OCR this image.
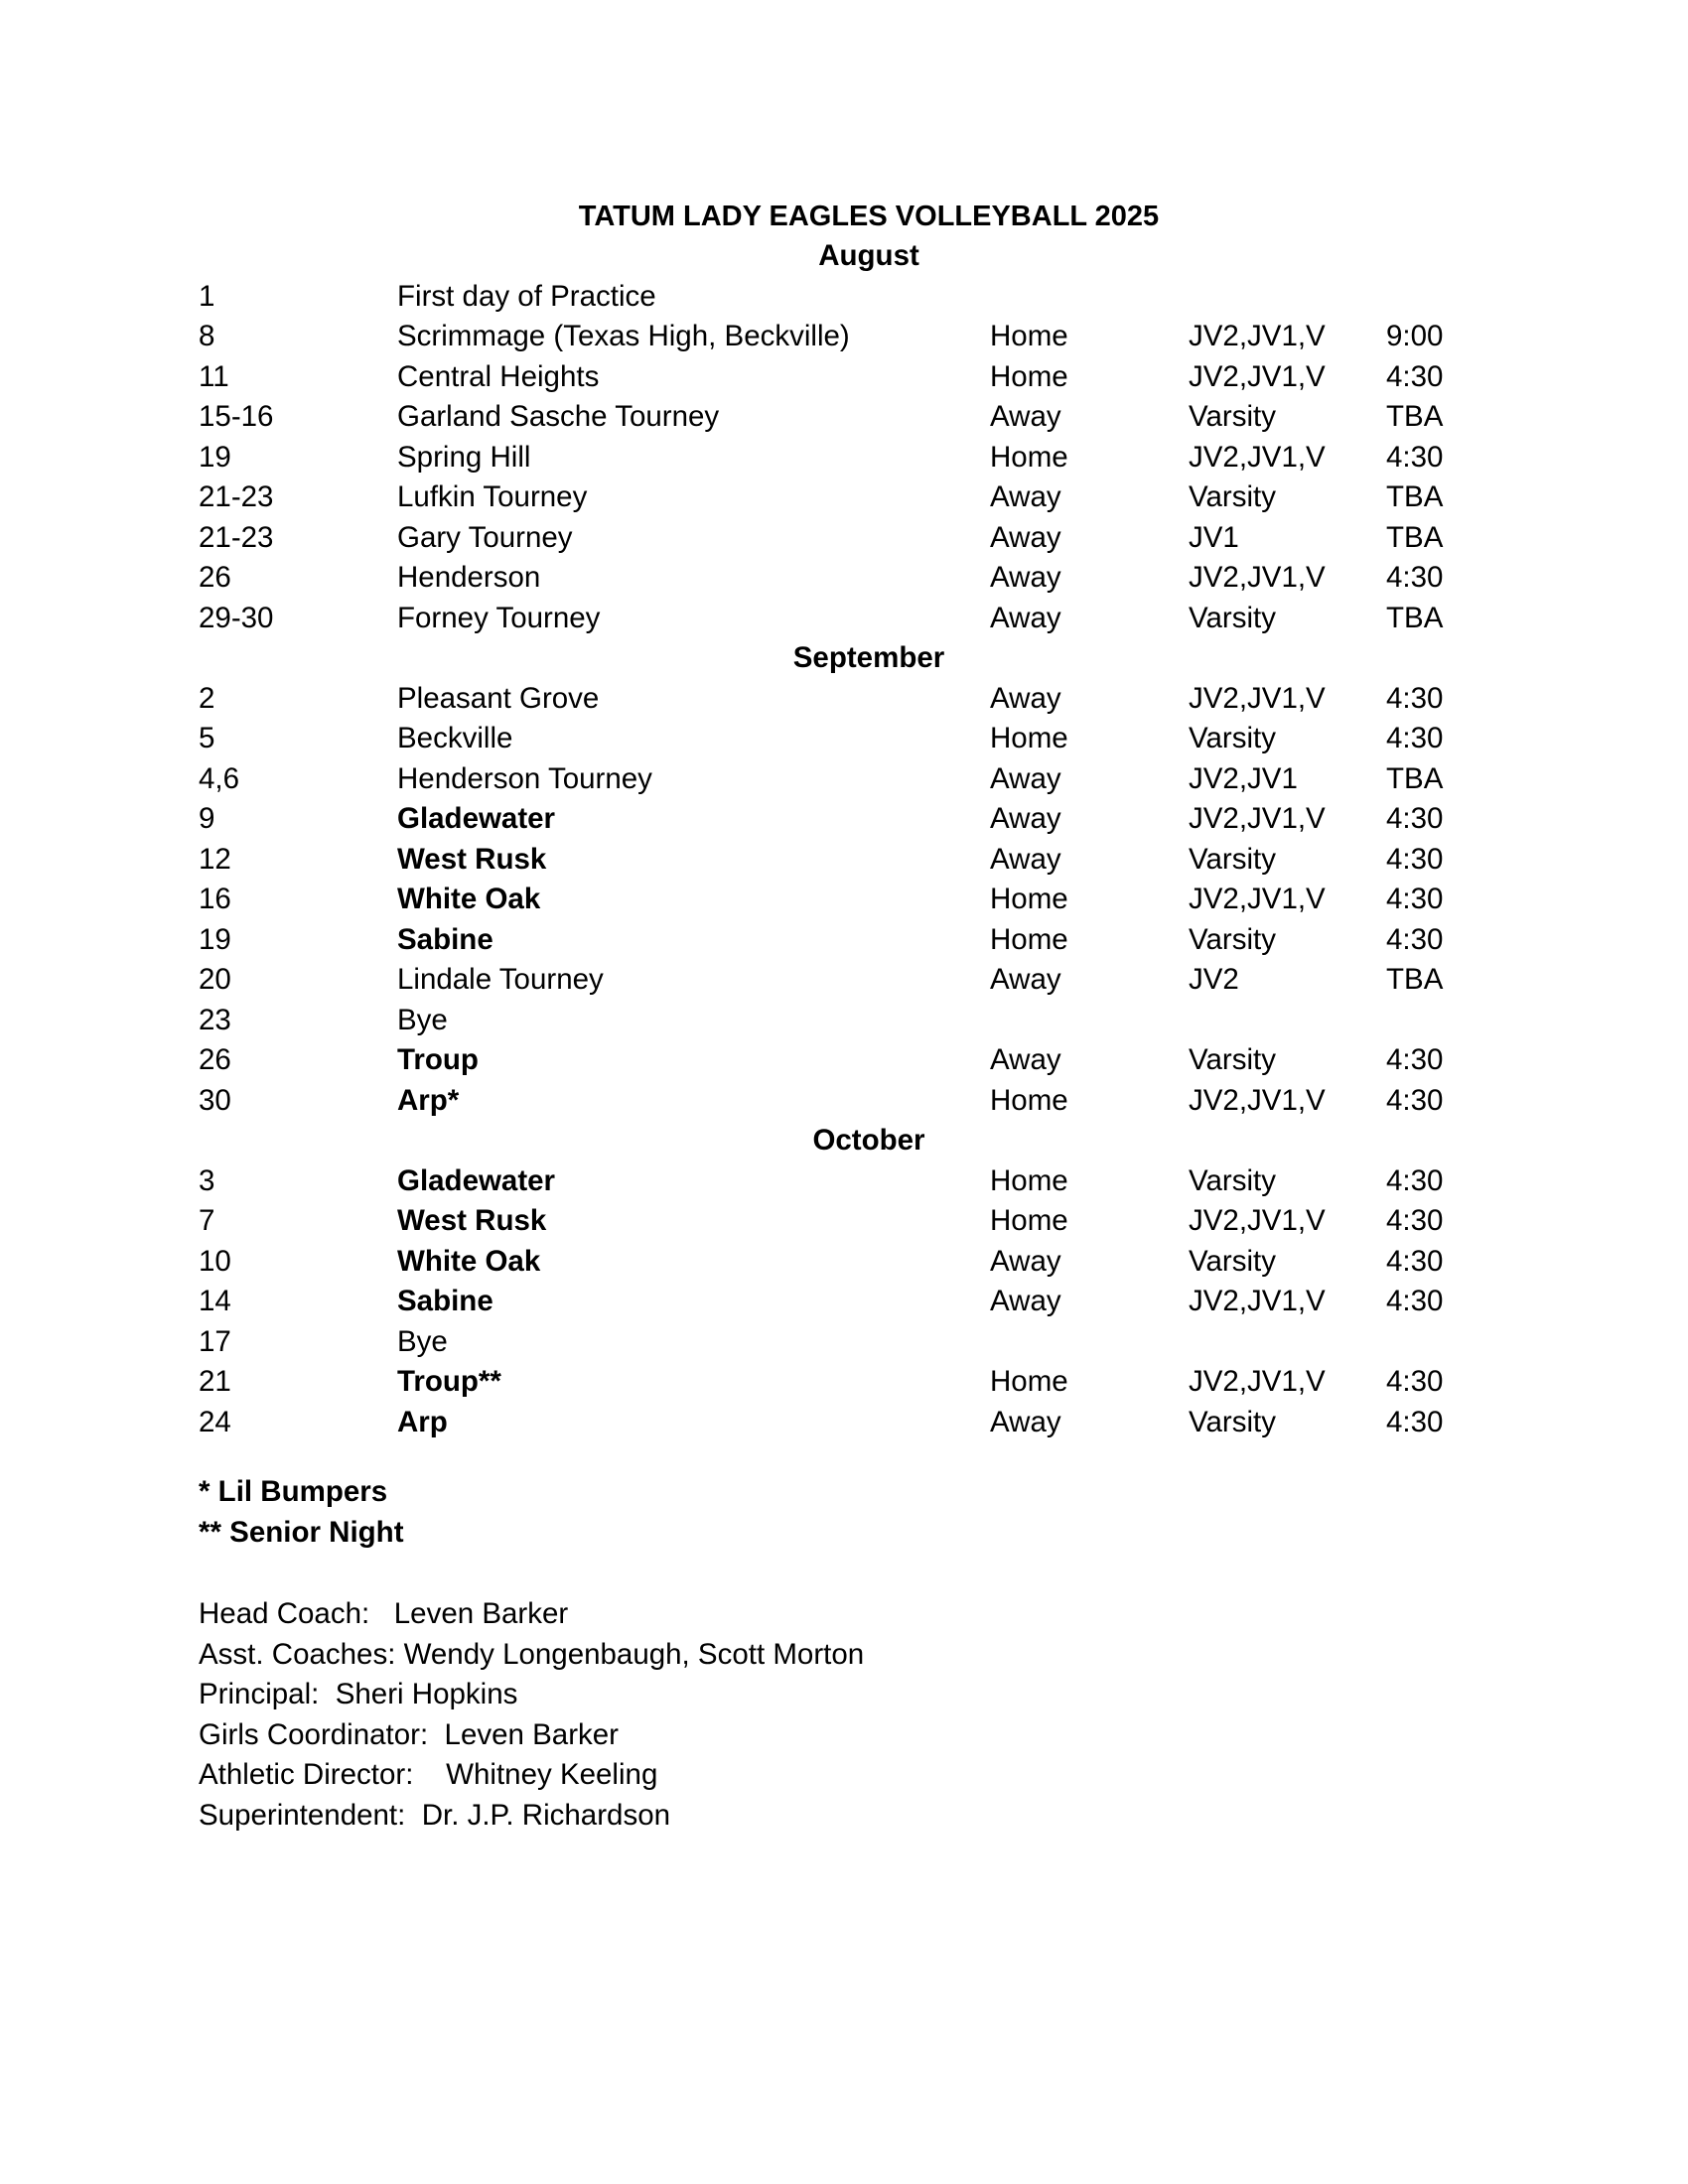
TATUM LADY EAGLES VOLLEYBALL 2025
August
1	First day of Practice
8	Scrimmage (Texas High, Beckville)	Home	JV2,JV1,V 9:00
11	Central Heights	Home	JV2,JV1,V 4:30
15-16	Garland Sasche Tourney	Away	Varsity	TBA
19	Spring Hill	Home	JV2,JV1,V 4:30
21-23	Lufkin Tourney	Away	Varsity	TBA
21-23	Gary Tourney	Away	JV1	TBA
26	Henderson	Away	JV2,JV1,V 4:30
29-30	Forney Tourney	Away	Varsity	TBA
September
2	Pleasant Grove	Away	JV2,JV1,V 4:30
5	Beckville	Home	Varsity	4:30
4,6	Henderson Tourney	Away	JV2,JV1	TBA
9	Gladewater	Away	JV2,JV1,V 4:30
12	West Rusk	Away	Varsity	4:30
16	White Oak	Home	JV2,JV1,V 4:30
19	Sabine	Home	Varsity	4:30
20	Lindale Tourney	Away	JV2	TBA
23	Bye
26	Troup	Away	Varsity	4:30
30	Arp*	Home	JV2,JV1,V 4:30
October
3	Gladewater	Home	Varsity	4:30
7	West Rusk	Home	JV2,JV1,V 4:30
10	White Oak	Away	Varsity	4:30
14	Sabine	Away	JV2,JV1,V 4:30
17	Bye
21	Troup**	Home	JV2,JV1,V 4:30
24	Arp	Away	Varsity	4:30
* Lil Bumpers
** Senior Night
Head Coach:   Leven Barker
Asst. Coaches: Wendy Longenbaugh, Scott Morton
Principal:  Sheri Hopkins
Girls Coordinator:  Leven Barker
Athletic Director:    Whitney Keeling
Superintendent:  Dr. J.P. Richardson
